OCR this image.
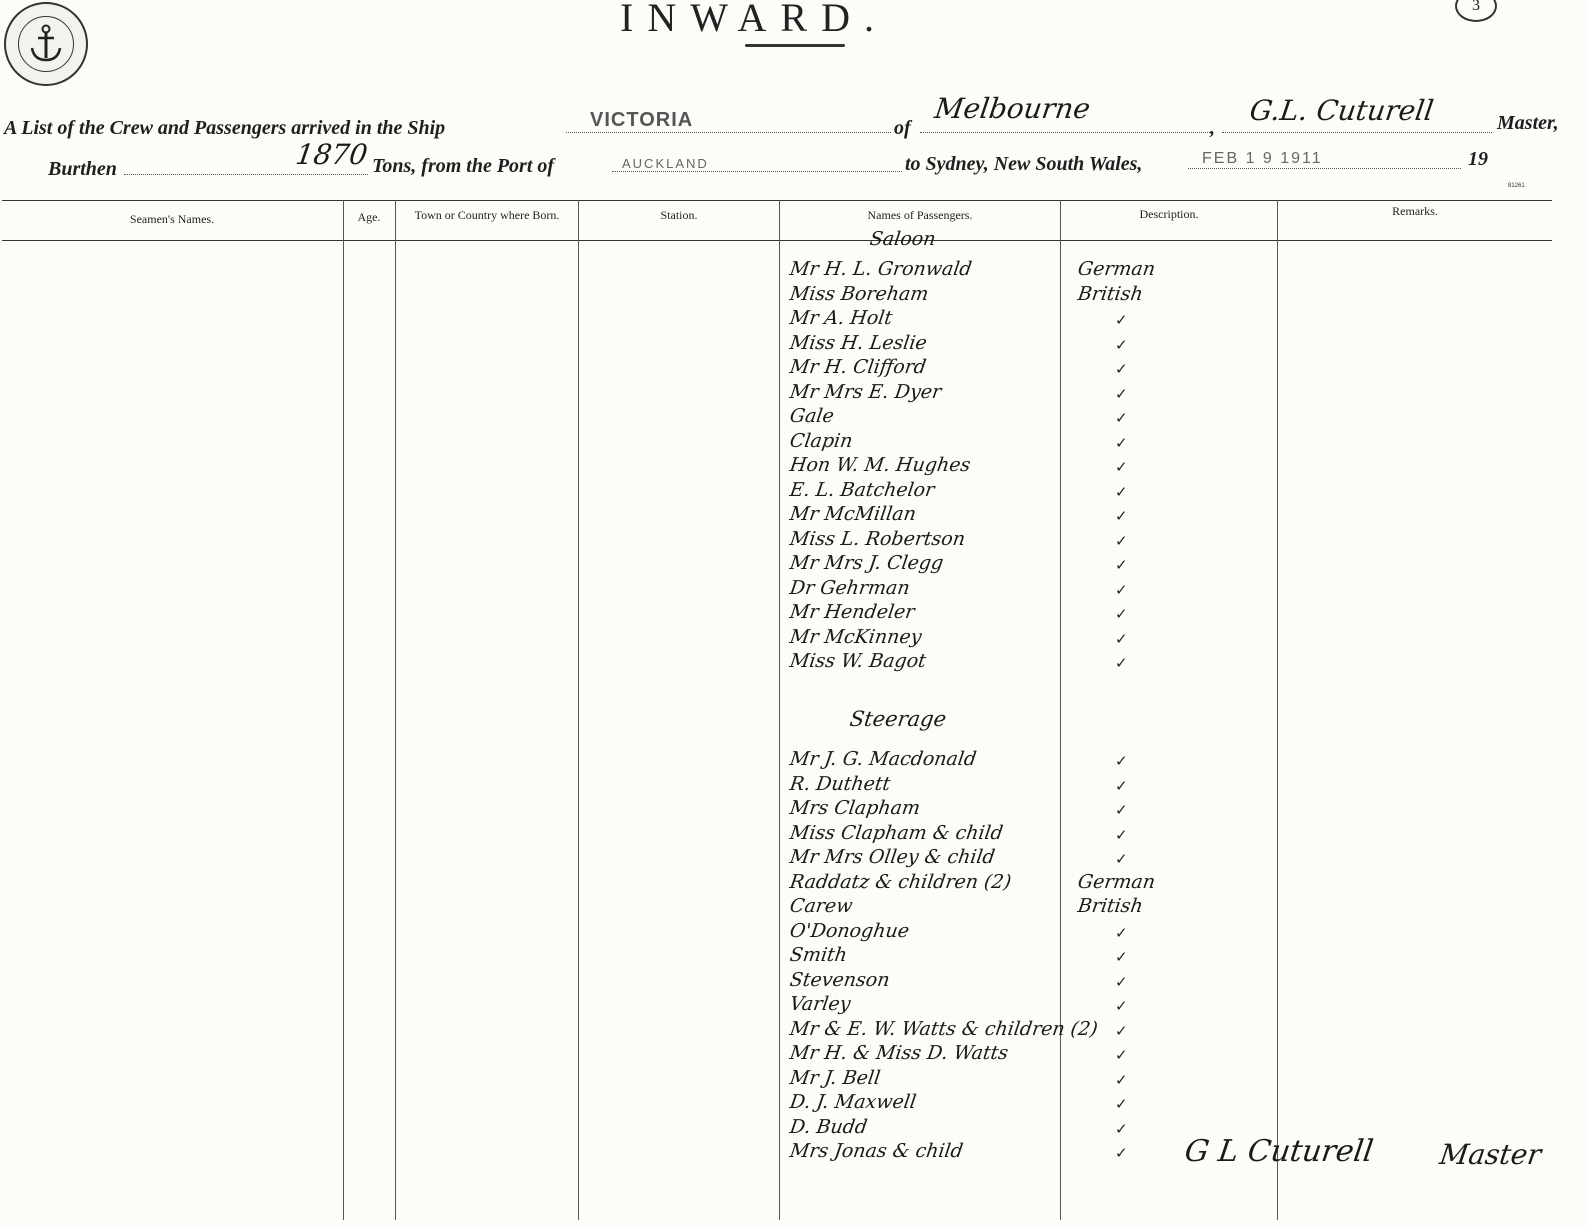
INWARD.	3
A List of the Crew and Passengers arrived in the Ship	VICTORIA	of
Melbourne
,
G.L. Cuturell	Master,
Burthen	1870 Tons, from the Port of	AUCKLAND	to Sydney, New South Wales,	FEB 1 9 1911	19
81261
Seamen's Names.	Age.	Town or Country where Born.	Station.	Names of Passengers.	Description.	Remarks.
Saloon
Steerage
Mr H. L. Gronwald	German
Miss Boreham	British
Mr A. Holt	✓
Miss H. Leslie	✓
Mr H. Clifford	✓
Mr Mrs E. Dyer	✓
Gale	✓
Clapin	✓
Hon W. M. Hughes	✓
E. L. Batchelor	✓
Mr McMillan	✓
Miss L. Robertson	✓
Mr Mrs J. Clegg	✓
Dr Gehrman	✓
Mr Hendeler	✓
Mr McKinney	✓
Miss W. Bagot	✓
Mr J. G. Macdonald	✓
R. Duthett	✓
Mrs Clapham	✓
Miss Clapham & child	✓
Mr Mrs Olley & child	✓
Raddatz & children (2)	German
Carew	British
O'Donoghue	✓
Smith	✓
Stevenson	✓
Varley	✓
Mr & E. W. Watts & children (2) ✓
Mr H. & Miss D. Watts	✓
Mr J. Bell	✓
D. J. Maxwell	✓
D. Budd	✓
Mrs Jonas & child	✓ G L Cuturell Master
